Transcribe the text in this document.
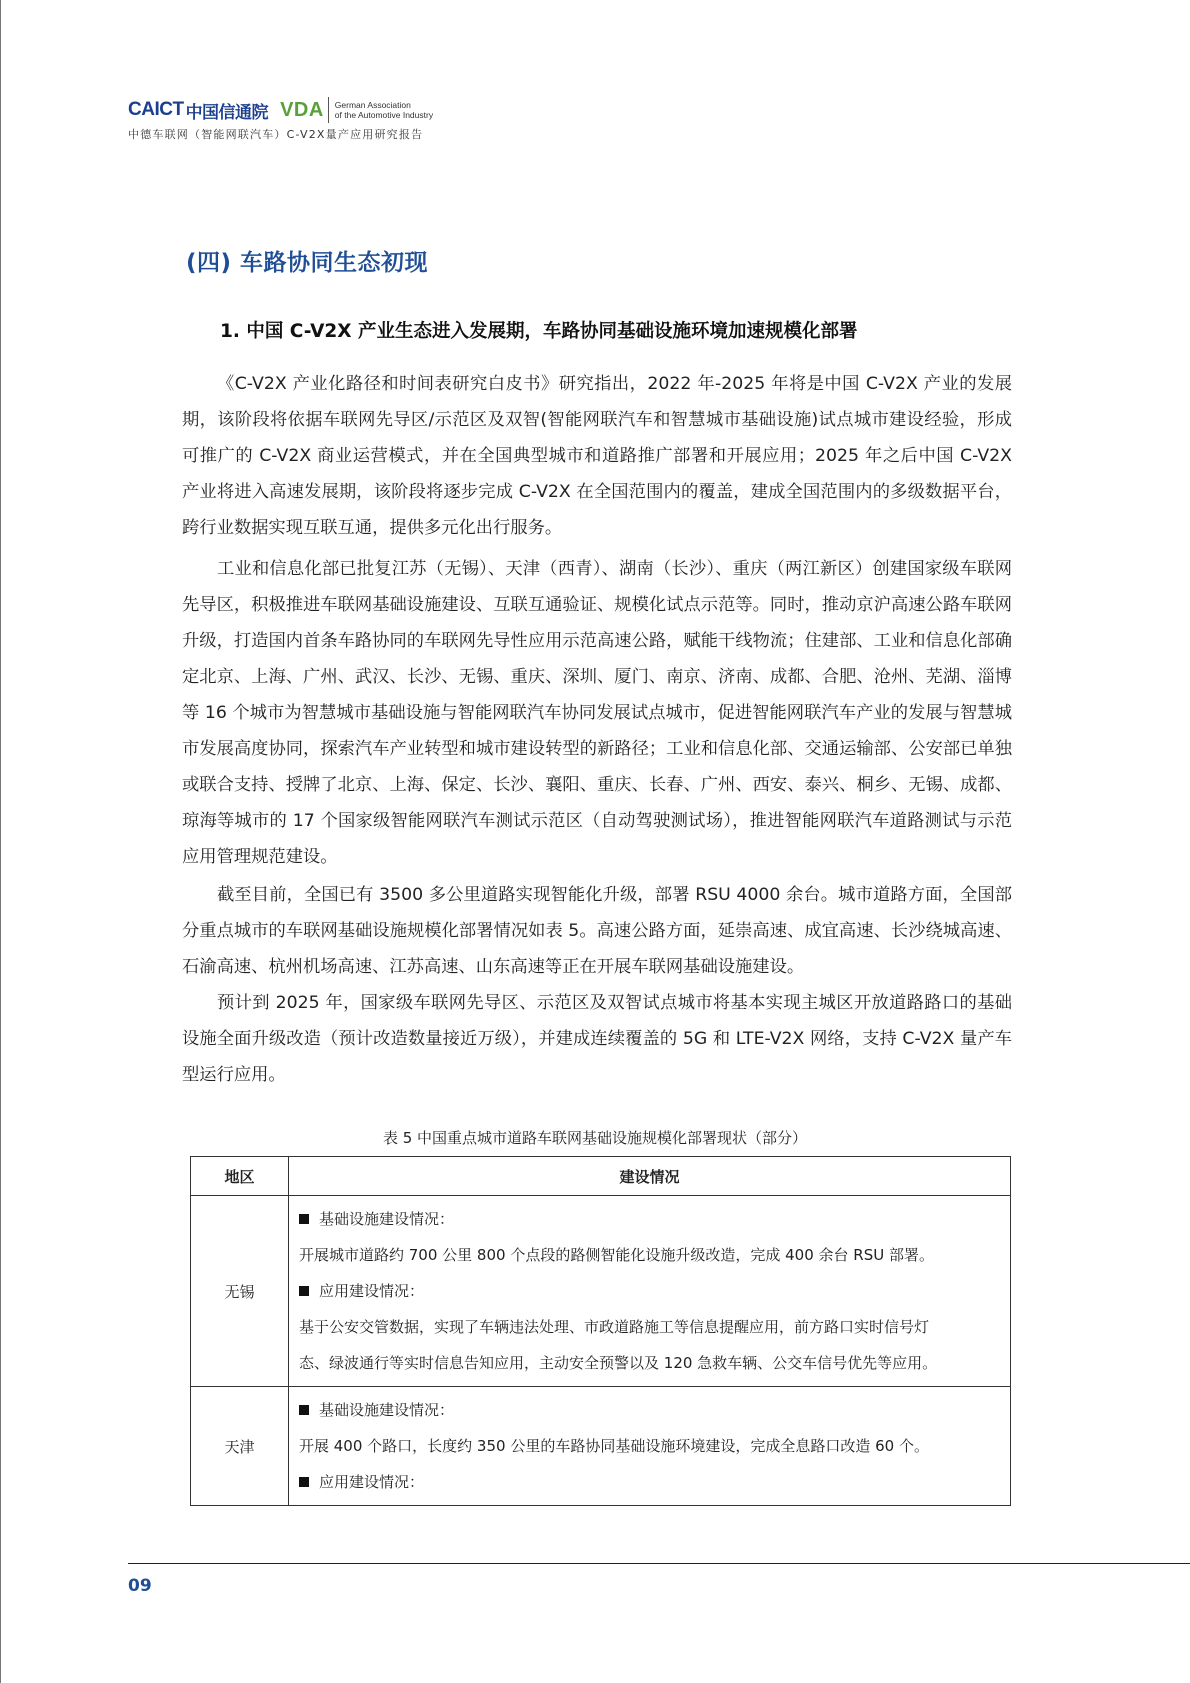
CAICT 中国信通院 VDA German Association
of the Automotive Industry
中德车联网（智能网联汽车）C-V2X量产应用研究报告
(四) 车路协同生态初现
1. 中国 C-V2X 产业生态进入发展期，车路协同基础设施环境加速规模化部署

《C-V2X 产业化路径和时间表研究白皮书》研究指出，2022 年-2025 年将是中国 C-V2X 产业的发展期，该阶段将依据车联网先导区/示范区及双智(智能网联汽车和智慧城市基础设施)试点城市建设经验，形成可推广的 C-V2X 商业运营模式，并在全国典型城市和道路推广部署和开展应用；2025 年之后中国 C-V2X 产业将进入高速发展期，该阶段将逐步完成 C-V2X 在全国范围内的覆盖，建成全国范围内的多级数据平台，跨行业数据实现互联互通，提供多元化出行服务。

工业和信息化部已批复江苏（无锡）、天津（西青）、湖南（长沙）、重庆（两江新区）创建国家级车联网先导区，积极推进车联网基础设施建设、互联互通验证、规模化试点示范等。同时，推动京沪高速公路车联网升级，打造国内首条车路协同的车联网先导性应用示范高速公路，赋能干线物流；住建部、工业和信息化部确定北京、上海、广州、武汉、长沙、无锡、重庆、深圳、厦门、南京、济南、成都、合肥、沧州、芜湖、淄博等 16 个城市为智慧城市基础设施与智能网联汽车协同发展试点城市，促进智能网联汽车产业的发展与智慧城市发展高度协同，探索汽车产业转型和城市建设转型的新路径；工业和信息化部、交通运输部、公安部已单独或联合支持、授牌了北京、上海、保定、长沙、襄阳、重庆、长春、广州、西安、泰兴、桐乡、无锡、成都、琼海等城市的 17 个国家级智能网联汽车测试示范区（自动驾驶测试场），推进智能网联汽车道路测试与示范应用管理规范建设。

截至目前，全国已有 3500 多公里道路实现智能化升级，部署 RSU 4000 余台。城市道路方面，全国部分重点城市的车联网基础设施规模化部署情况如表 5。高速公路方面，延崇高速、成宜高速、长沙绕城高速、石渝高速、杭州机场高速、江苏高速、山东高速等正在开展车联网基础设施建设。

预计到 2025 年，国家级车联网先导区、示范区及双智试点城市将基本实现主城区开放道路路口的基础设施全面升级改造（预计改造数量接近万级），并建成连续覆盖的 5G 和 LTE-V2X 网络，支持 C-V2X 量产车型运行应用。

表 5 中国重点城市道路车联网基础设施规模化部署现状（部分）
地区	建设情况
无锡	基础设施建设情况：
开展城市道路约 700 公里 800 个点段的路侧智能化设施升级改造，完成 400 余台 RSU 部署。
应用建设情况：
基于公安交管数据，实现了车辆违法处理、市政道路施工等信息提醒应用，前方路口实时信号灯
态、绿波通行等实时信息告知应用，主动安全预警以及 120 急救车辆、公交车信号优先等应用。

天津	基础设施建设情况：
开展 400 个路口，长度约 350 公里的车路协同基础设施环境建设，完成全息路口改造 60 个。
应用建设情况：
09
